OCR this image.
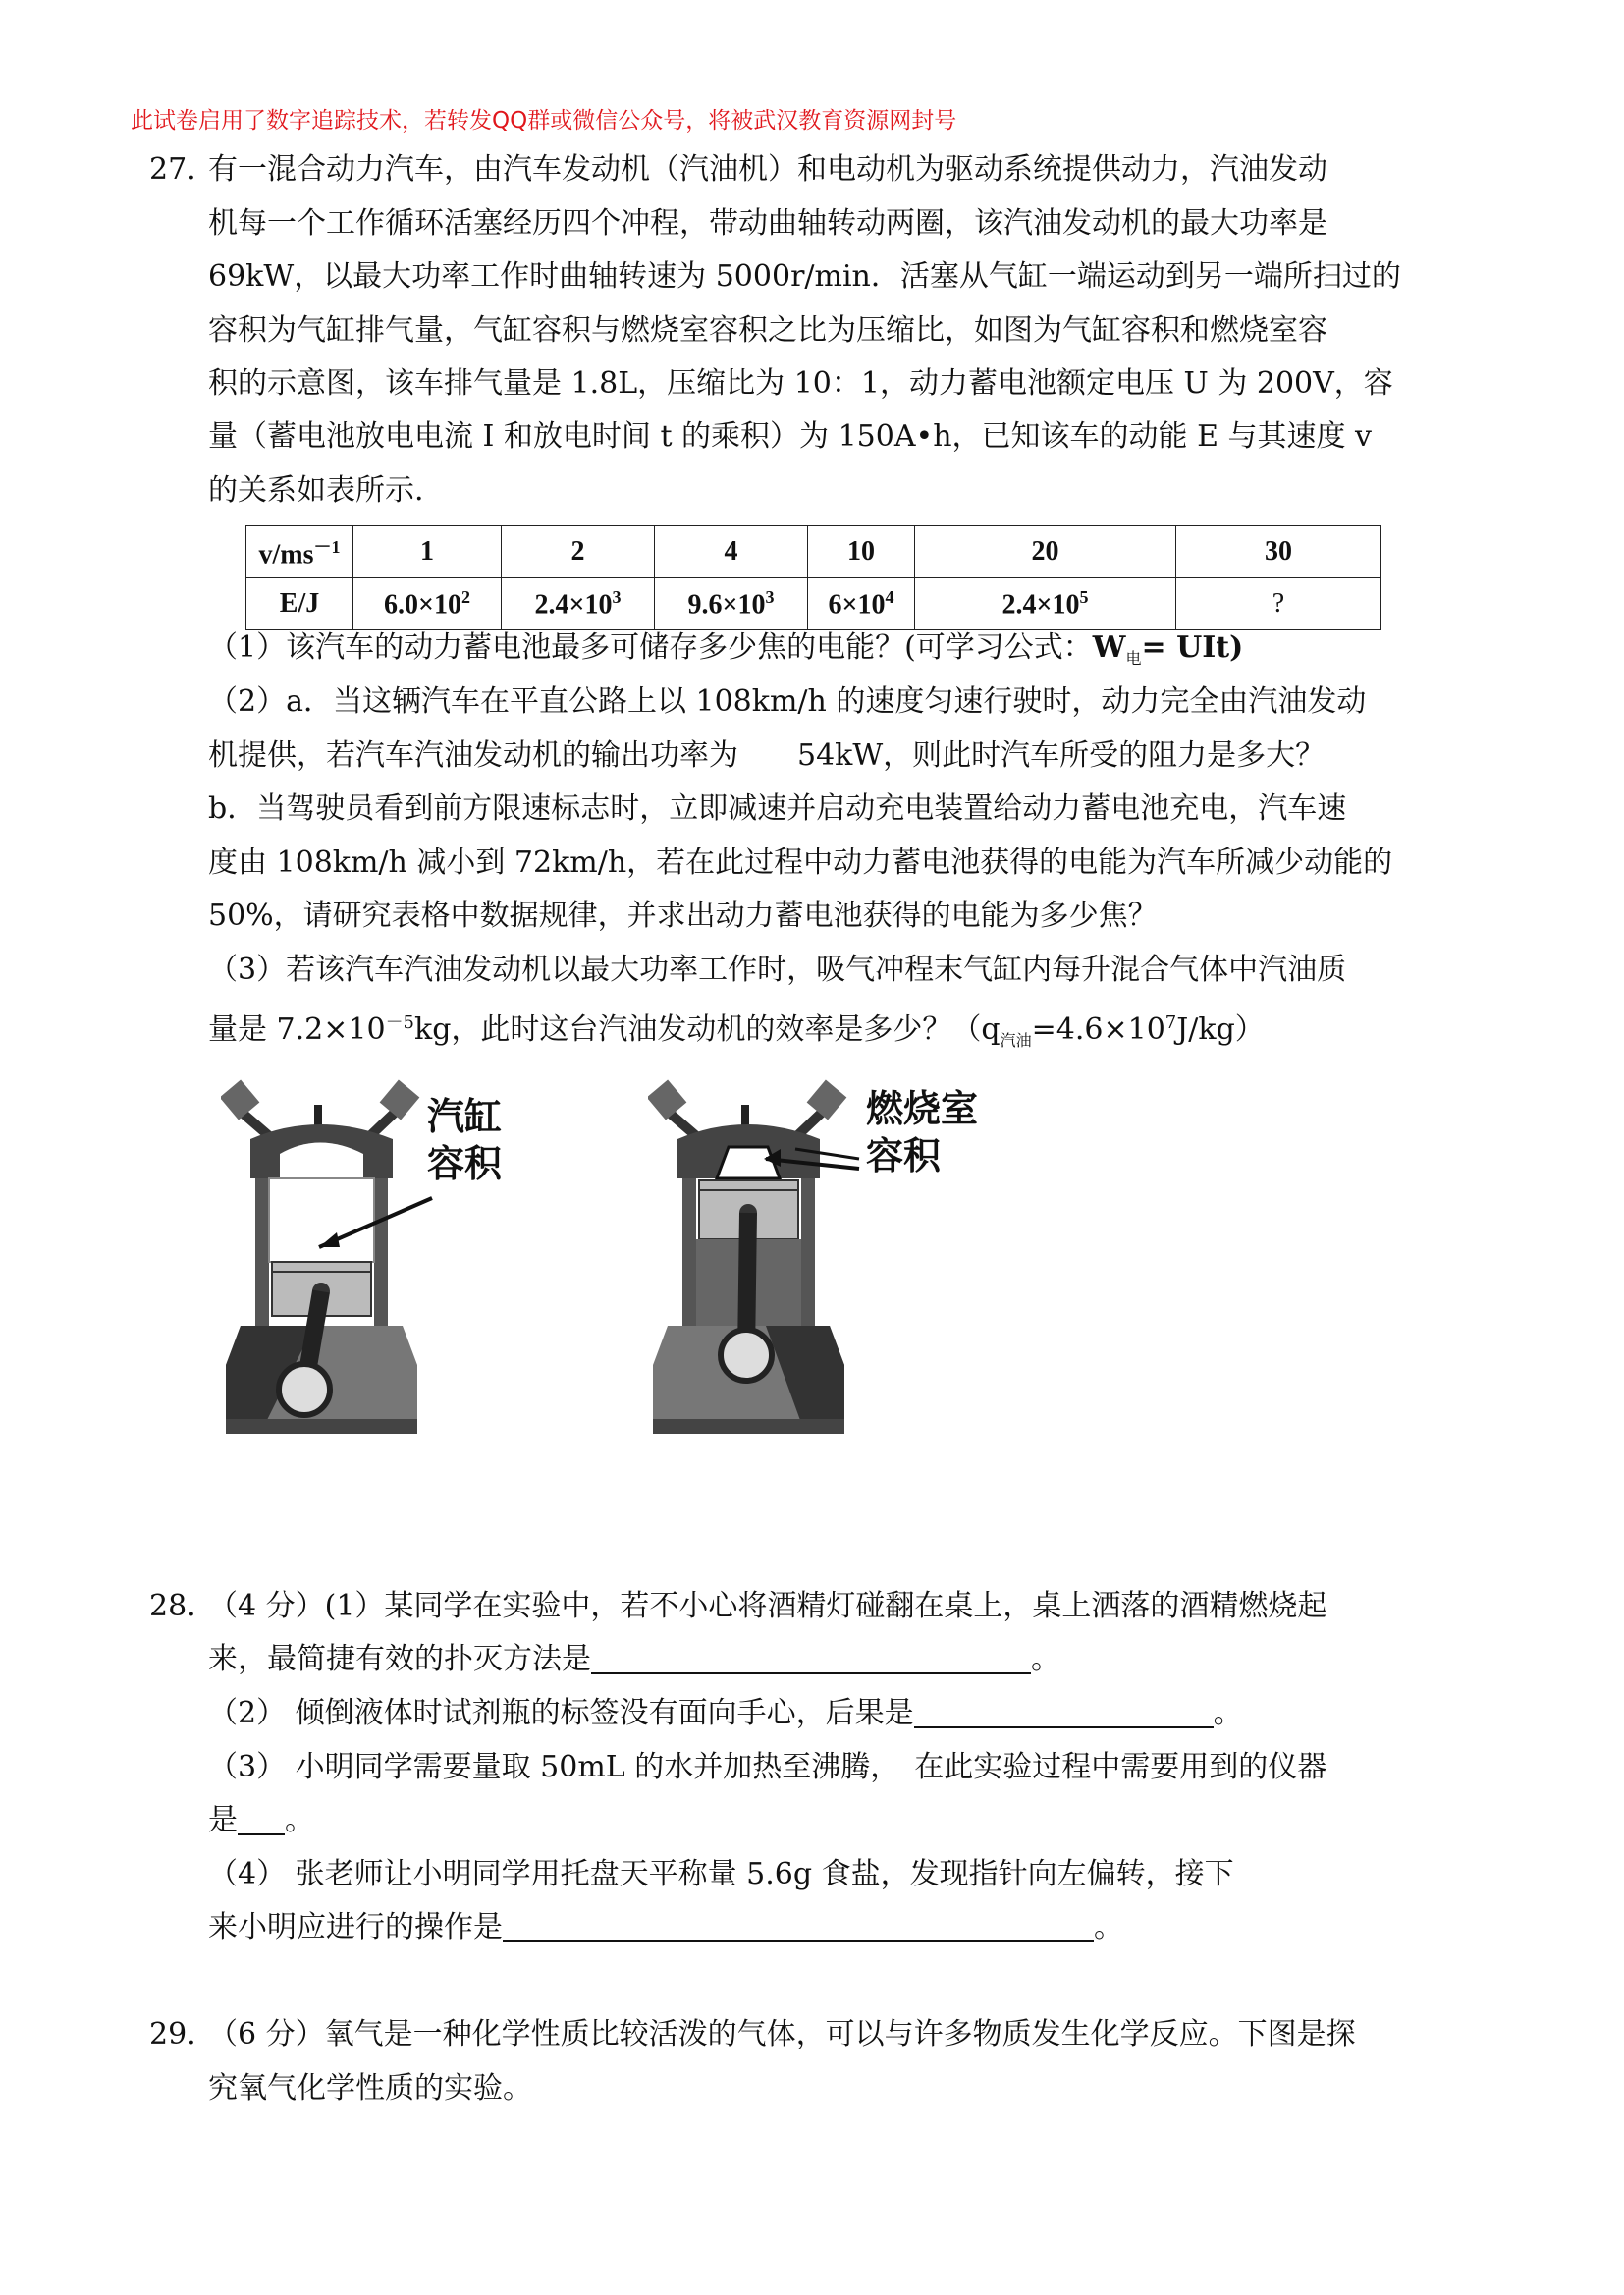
此试卷启用了数字追踪技术，若转发QQ群或微信公众号，将被武汉教育资源网封号
27. 有一混合动力汽车，由汽车发动机（汽油机）和电动机为驱动系统提供动力，汽油发动
机每一个工作循环活塞经历四个冲程，带动曲轴转动两圈，该汽油发动机的最大功率是
69kW，以最大功率工作时曲轴转速为 5000r/min．活塞从气缸一端运动到另一端所扫过的
容积为气缸排气量，气缸容积与燃烧室容积之比为压缩比，如图为气缸容积和燃烧室容
积的示意图，该车排气量是 1.8L，压缩比为 10：1，动力蓄电池额定电压 U 为 200V，容
量（蓄电池放电电流 I 和放电时间 t 的乘积）为 150A•h，已知该车的动能 E 与其速度 v
的关系如表所示.
$v/ms^{-1}$	1	2	4	10	20	30
E/J	$6.0\times 10^2$	$2.4\times 10^3$	$9.6\times 10^3$	$6\times 10^4$	$2.4\times 10^5$	?
（1）该汽车的动力蓄电池最多可储存多少焦的电能？(可学习公式：$W_电= UIt$)
（2）a．当这辆汽车在平直公路上以 108km/h 的速度匀速行驶时，动力完全由汽油发动
机提供，若汽车汽油发动机的输出功率为　　54kW，则此时汽车所受的阻力是多大？
b．当驾驶员看到前方限速标志时，立即减速并启动充电装置给动力蓄电池充电，汽车速
度由 108km/h 减小到 72km/h，若在此过程中动力蓄电池获得的电能为汽车所减少动能的
50%，请研究表格中数据规律，并求出动力蓄电池获得的电能为多少焦？
（3）若该汽车汽油发动机以最大功率工作时，吸气冲程末气缸内每升混合气体中汽油质
量是 $7.2\times 10^{-5}kg$，此时这台汽油发动机的效率是多少？$(q_{汽油}=4.6\times 10^7J/kg)$
汽缸
容积
燃烧室
容积
28. （4 分）(1）某同学在实验中，若不小心将酒精灯碰翻在桌上，桌上洒落的酒精燃烧起
来，最简捷有效的扑灭方法是	。
（2） 倾倒液体时试剂瓶的标签没有面向手心，后果是	。
（3） 小明同学需要量取 50mL 的水并加热至沸腾，　在此实验过程中需要用到的仪器
是 。
（4） 张老师让小明同学用托盘天平称量 5.6g 食盐，发现指针向左偏转，接下
来小明应进行的操作是	。
29. （6 分）氧气是一种化学性质比较活泼的气体，可以与许多物质发生化学反应。下图是探
究氧气化学性质的实验。
